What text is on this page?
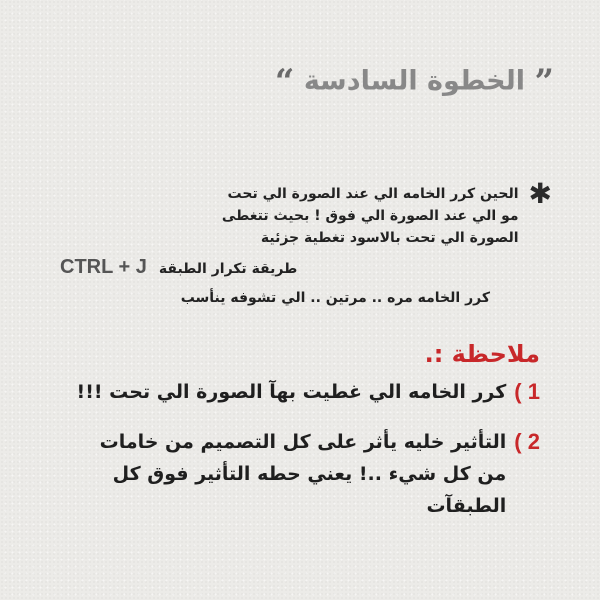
” الخطوة السادسة “
✱
الحين كرر الخامه الي عند الصورة الي تحت
مو الي عند الصورة الي فوق ! بحيث تتغطى
الصورة الي تحت بالاسود تغطية جزئية
CTRL + J طريقة تكرار الطبقة
كرر الخامه مره .. مرتين .. الي تشوفه ينأسب
ملاحظة :.
1 )
كرر الخامه الي غطيت بهآ الصورة الي تحت !!!
2 )
التأثير خليه يأثر على كل التصميم من خامات من كل شيء ..! يعني حطه التأثير فوق كل الطبقآت
